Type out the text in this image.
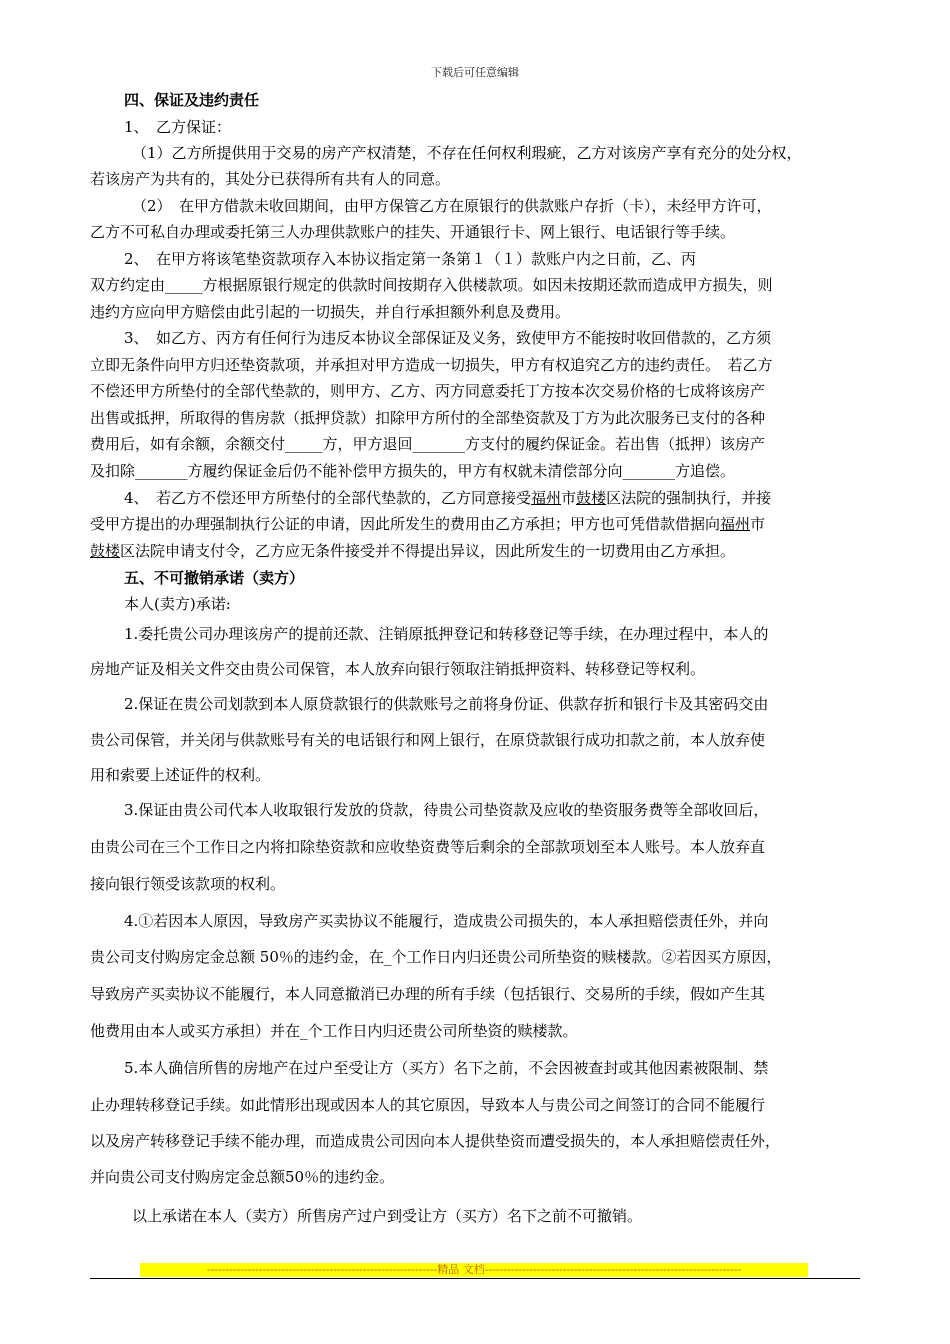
下载后可任意编辑
四、保证及违约责任
1、　乙方保证：
（1）乙方所提供用于交易的房产产权清楚，不存在任何权利瑕疵，乙方对该房产享有充分的处分权，
若该房产为共有的，其处分已获得所有共有人的同意。
（2）　在甲方借款未收回期间，由甲方保管乙方在原银行的供款账户存折（卡），未经甲方许可，
乙方不可私自办理或委托第三人办理供款账户的挂失、开通银行卡、网上银行、电话银行等手续。
2、　在甲方将该笔垫资款项存入本协议指定第一条第１（１）款账户内之日前，乙、丙
双方约定由_____方根据原银行规定的供款时间按期存入供楼款项。如因未按期还款而造成甲方损失，则
违约方应向甲方赔偿由此引起的一切损失，并自行承担额外利息及费用。
3、　如乙方、丙方有任何行为违反本协议全部保证及义务，致使甲方不能按时收回借款的，乙方须
立即无条件向甲方归还垫资款项，并承担对甲方造成一切损失，甲方有权追究乙方的违约责任。　若乙方
不偿还甲方所垫付的全部代垫款的，则甲方、乙方、丙方同意委托丁方按本次交易价格的七成将该房产
出售或抵押，所取得的售房款（抵押贷款）扣除甲方所付的全部垫资款及丁方为此次服务已支付的各种
费用后，如有余额，余额交付_____方，甲方退回_______方支付的履约保证金。若出售（抵押）该房产
及扣除_______方履约保证金后仍不能补偿甲方损失的，甲方有权就未清偿部分向_______方追偿。
4、　若乙方不偿还甲方所垫付的全部代垫款的，乙方同意接受福州市鼓楼区法院的强制执行，并接
受甲方提出的办理强制执行公证的申请，因此所发生的费用由乙方承担；甲方也可凭借款借据向福州市
鼓楼区法院申请支付令，乙方应无条件接受并不得提出异议，因此所发生的一切费用由乙方承担。
五、不可撤销承诺（卖方）
本人(卖方)承诺:
1.委托贵公司办理该房产的提前还款、注销原抵押登记和转移登记等手续，在办理过程中，本人的
房地产证及相关文件交由贵公司保管，本人放弃向银行领取注销抵押资料、转移登记等权利。
2.保证在贵公司划款到本人原贷款银行的供款账号之前将身份证、供款存折和银行卡及其密码交由
贵公司保管，并关闭与供款账号有关的电话银行和网上银行，在原贷款银行成功扣款之前，本人放弃使
用和索要上述证件的权利。
3.保证由贵公司代本人收取银行发放的贷款，待贵公司垫资款及应收的垫资服务费等全部收回后，
由贵公司在三个工作日之内将扣除垫资款和应收垫资费等后剩余的全部款项划至本人账号。本人放弃直
接向银行领受该款项的权利。
4.①若因本人原因，导致房产买卖协议不能履行，造成贵公司损失的，本人承担赔偿责任外，并向
贵公司支付购房定金总额 50％的违约金，在_个工作日内归还贵公司所垫资的赎楼款。②若因买方原因，
导致房产买卖协议不能履行，本人同意撤消已办理的所有手续（包括银行、交易所的手续，假如产生其
他费用由本人或买方承担）并在_个工作日内归还贵公司所垫资的赎楼款。
5.本人确信所售的房地产在过户至受让方（买方）名下之前，不会因被查封或其他因素被限制、禁
止办理转移登记手续。如此情形出现或因本人的其它原因，导致本人与贵公司之间签订的合同不能履行
以及房产转移登记手续不能办理，而造成贵公司因向本人提供垫资而遭受损失的，本人承担赔偿责任外，
并向贵公司支付购房定金总额50％的违约金。
以上承诺在本人（卖方）所售房产过户到受让方（买方）名下之前不可撤销。
--------------------------------------------------------------精品 文档---------------------------------------------------------------------
